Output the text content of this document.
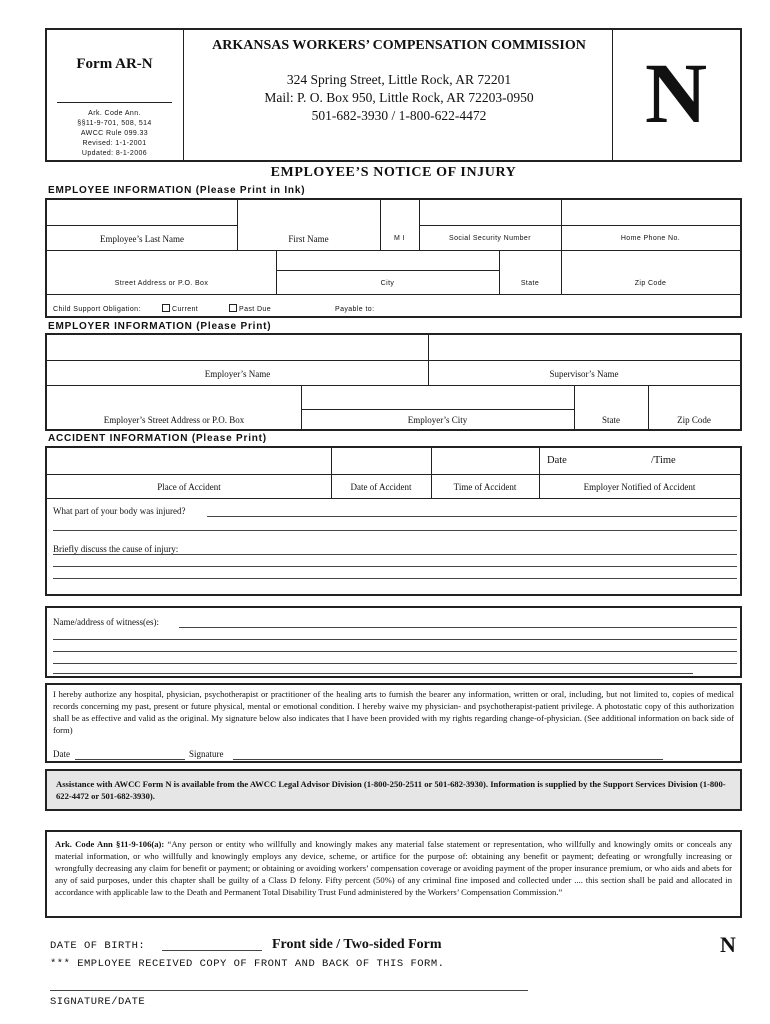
Form AR-N
Ark. Code Ann.
§§11-9-701, 508, 514
AWCC Rule 099.33
Revised: 1-1-2001
Updated: 8-1-2006
ARKANSAS WORKERS’ COMPENSATION COMMISSION
324 Spring Street, Little Rock, AR 72201
Mail: P. O. Box 950, Little Rock, AR 72203-0950
501-682-3930 / 1-800-622-4472	N
EMPLOYEE’S NOTICE OF INJURY
EMPLOYEE INFORMATION (Please Print in Ink)
Employee’s Last Name	First Name	M I	Social Security Number	Home Phone No.
Street Address or P.O. Box	City	State	Zip Code
Child Support Obligation:	Current	Past Due	Payable to:
EMPLOYER INFORMATION (Please Print)
Employer’s Name	Supervisor’s Name
Employer’s Street Address or P.O. Box	Employer’s City	State	Zip Code
ACCIDENT INFORMATION (Please Print)
Date	/Time
Place of Accident	Date of Accident	Time of Accident	Employer Notified of Accident
What part of your body was injured?
Briefly discuss the cause of injury:
Name/address of witness(es):
I hereby authorize any hospital, physician, psychotherapist or practitioner of the healing arts to furnish the bearer any information, written or oral, including, but not limited to, copies of medical records concerning my past, present or future physical, mental or emotional condition. I hereby waive my physician- and psychotherapist-patient privilege. A photostatic copy of this authorization shall be as effective and valid as the original. My signature below also indicates that I have been provided with my rights regarding change-of-physician. (See additional information on back side of form)
Date	Signature
Assistance with AWCC Form N is available from the AWCC Legal Advisor Division (1-800-250-2511 or 501-682-3930). Information is supplied by the Support Services Division (1-800-622-4472 or 501-682-3930).
Ark. Code Ann §11-9-106(a): “Any person or entity who willfully and knowingly makes any material false statement or representation, who willfully and knowingly omits or conceals any material information, or who willfully and knowingly employs any device, scheme, or artifice for the purpose of: obtaining any benefit or payment; defeating or wrongfully increasing or wrongfully decreasing any claim for benefit or payment; or obtaining or avoiding workers’ compensation coverage or avoiding payment of the proper insurance premium, or who aids and abets for any of said purposes, under this chapter shall be guilty of a Class D felony. Fifty percent (50%) of any criminal fine imposed and collected under .... this section shall be paid and allocated in accordance with applicable law to the Death and Permanent Total Disability Trust Fund administered by the Workers’ Compensation Commission.”
DATE OF BIRTH:	Front side / Two-sided Form	N
*** EMPLOYEE RECEIVED COPY OF FRONT AND BACK OF THIS FORM.
SIGNATURE/DATE
